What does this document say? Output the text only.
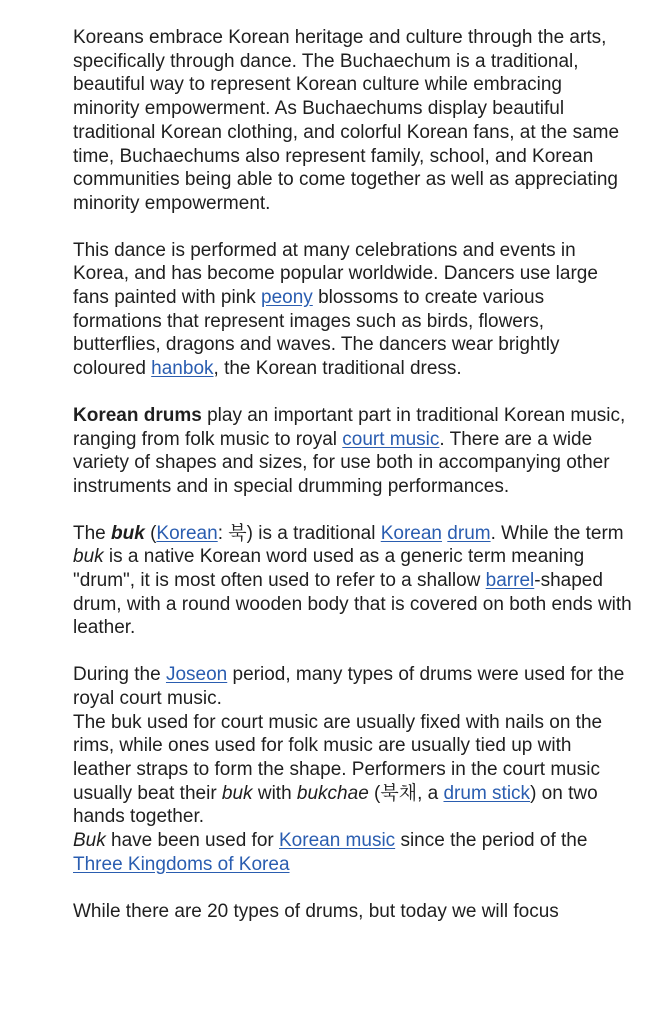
Koreans embrace Korean heritage and culture through the arts, specifically through dance. The Buchaechum is a traditional, beautiful way to represent Korean culture while embracing minority empowerment. As Buchaechums display beautiful traditional Korean clothing, and colorful Korean fans, at the same time, Buchaechums also represent family, school, and Korean communities being able to come together as well as appreciating minority empowerment.

This dance is performed at many celebrations and events in Korea, and has become popular worldwide. Dancers use large fans painted with pink peony blossoms to create various formations that represent images such as birds, flowers, butterflies, dragons and waves. The dancers wear brightly coloured hanbok, the Korean traditional dress.

Korean drums play an important part in traditional Korean music, ranging from folk music to royal court music. There are a wide variety of shapes and sizes, for use both in accompanying other instruments and in special drumming performances.

The buk (Korean: 북) is a traditional Korean drum. While the term buk is a native Korean word used as a generic term meaning "drum", it is most often used to refer to a shallow barrel-shaped drum, with a round wooden body that is covered on both ends with leather.

During the Joseon period, many types of drums were used for the royal court music.

The buk used for court music are usually fixed with nails on the rims, while ones used for folk music are usually tied up with leather straps to form the shape. Performers in the court music usually beat their buk with bukchae (북채, a drum stick) on two hands together.

Buk have been used for Korean music since the period of the Three Kingdoms of Korea

While there are 20 types of drums, but today we will focus
